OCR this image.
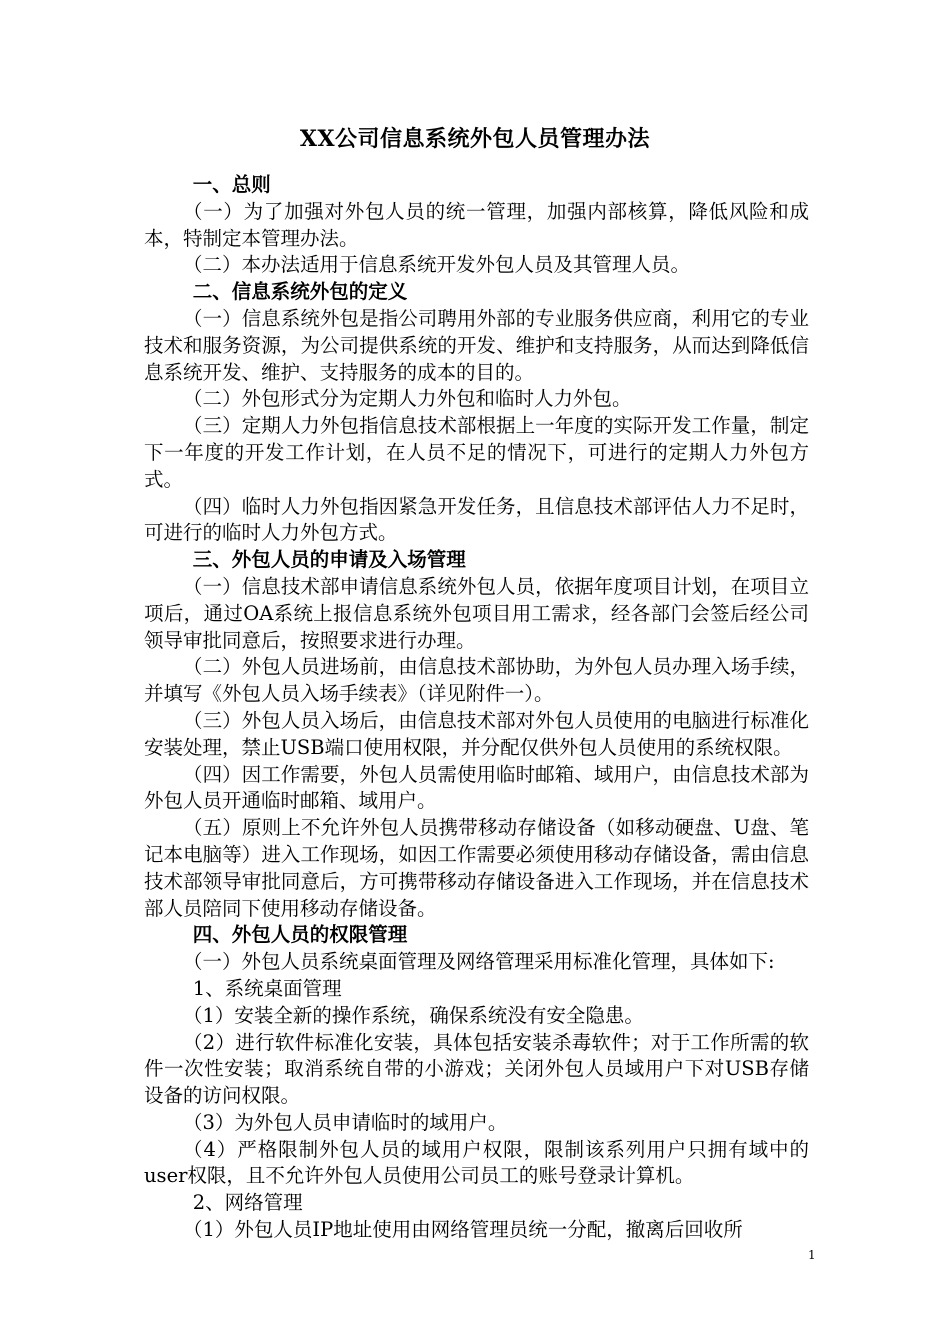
XX公司信息系统外包人员管理办法

一、总则

（一）为了加强对外包人员的统一管理，加强内部核算，降低风险和成本，特制定本管理办法。

（二）本办法适用于信息系统开发外包人员及其管理人员。

二、信息系统外包的定义

（一）信息系统外包是指公司聘用外部的专业服务供应商，利用它的专业技术和服务资源，为公司提供系统的开发、维护和支持服务，从而达到降低信息系统开发、维护、支持服务的成本的目的。

（二）外包形式分为定期人力外包和临时人力外包。

（三）定期人力外包指信息技术部根据上一年度的实际开发工作量，制定下一年度的开发工作计划，在人员不足的情况下，可进行的定期人力外包方式。

（四）临时人力外包指因紧急开发任务，且信息技术部评估人力不足时，可进行的临时人力外包方式。

三、外包人员的申请及入场管理

（一）信息技术部申请信息系统外包人员，依据年度项目计划，在项目立项后，通过OA系统上报信息系统外包项目用工需求，经各部门会签后经公司领导审批同意后，按照要求进行办理。

（二）外包人员进场前，由信息技术部协助，为外包人员办理入场手续，并填写《外包人员入场手续表》（详见附件一）。

（三）外包人员入场后，由信息技术部对外包人员使用的电脑进行标准化安装处理，禁止USB端口使用权限，并分配仅供外包人员使用的系统权限。

（四）因工作需要，外包人员需使用临时邮箱、域用户，由信息技术部为外包人员开通临时邮箱、域用户。

（五）原则上不允许外包人员携带移动存储设备（如移动硬盘、U盘、笔记本电脑等）进入工作现场，如因工作需要必须使用移动存储设备，需由信息技术部领导审批同意后，方可携带移动存储设备进入工作现场，并在信息技术部人员陪同下使用移动存储设备。

四、外包人员的权限管理

（一）外包人员系统桌面管理及网络管理采用标准化管理，具体如下:

1、系统桌面管理

（1）安装全新的操作系统，确保系统没有安全隐患。

（2）进行软件标准化安装，具体包括安装杀毒软件；对于工作所需的软件一次性安装；取消系统自带的小游戏；关闭外包人员域用户下对USB存储设备的访问权限。

（3）为外包人员申请临时的域用户。

（4）严格限制外包人员的域用户权限，限制该系列用户只拥有域中的user权限，且不允许外包人员使用公司员工的账号登录计算机。

2、网络管理

（1）外包人员IP地址使用由网络管理员统一分配，撤离后回收所

1
